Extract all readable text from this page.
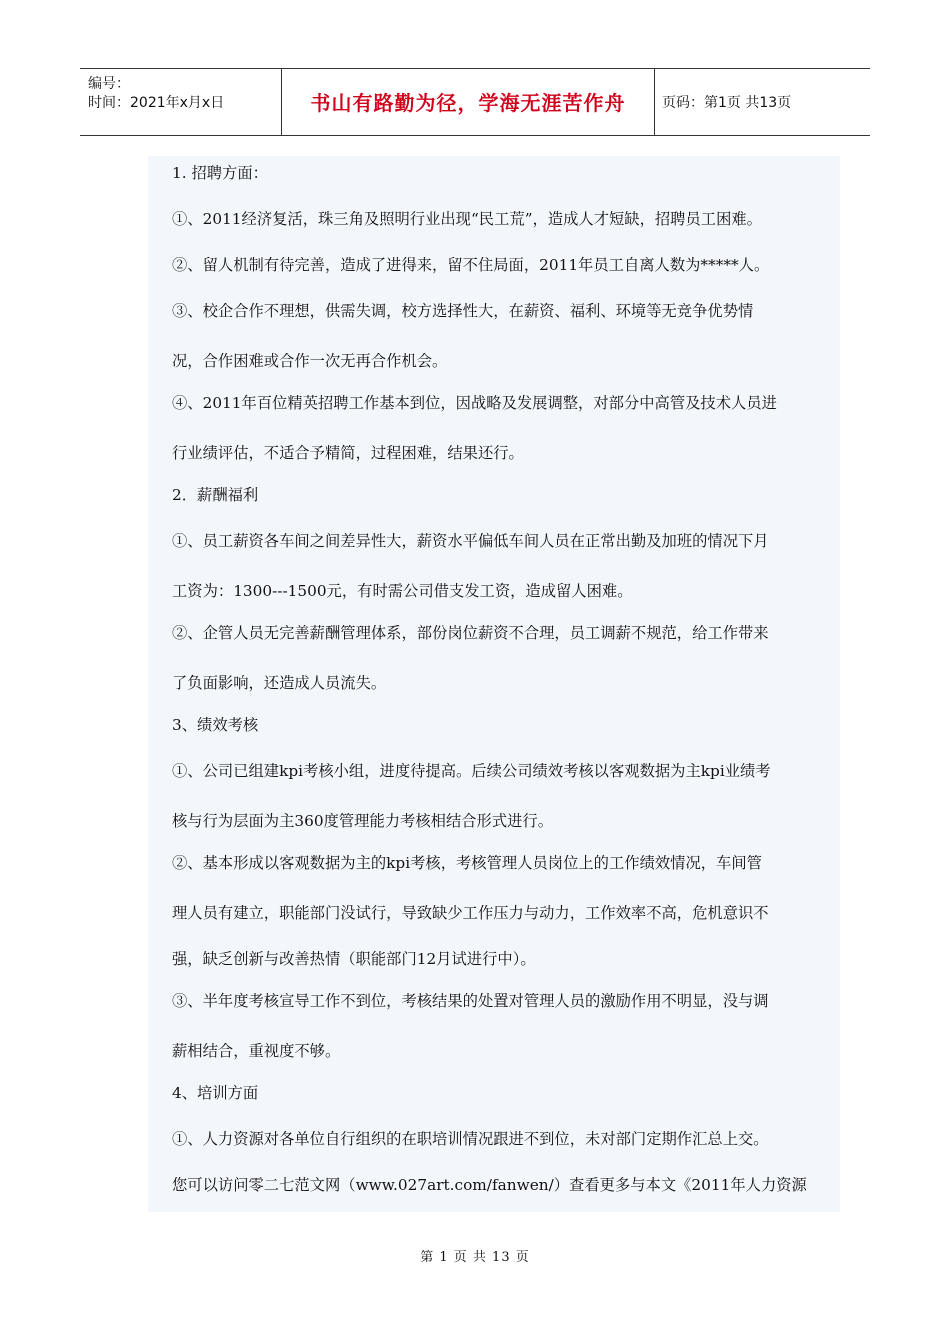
编号：
时间：2021年x月x日	书山有路勤为径，学海无涯苦作舟	页码：第1页 共13页
1. 招聘方面：
①、2011经济复活，珠三角及照明行业出现“民工荒”，造成人才短缺，招聘员工困难。
②、留人机制有待完善，造成了进得来，留不住局面，2011年员工自离人数为*****人。
③、校企合作不理想，供需失调，校方选择性大，在薪资、福利、环境等无竞争优势情
况，合作困难或合作一次无再合作机会。
④、2011年百位精英招聘工作基本到位，因战略及发展调整，对部分中高管及技术人员进
行业绩评估，不适合予精简，过程困难，结果还行。
2．薪酬福利
①、员工薪资各车间之间差异性大，薪资水平偏低车间人员在正常出勤及加班的情况下月
工资为：1300---1500元，有时需公司借支发工资，造成留人困难。
②、企管人员无完善薪酬管理体系，部份岗位薪资不合理，员工调薪不规范，给工作带来
了负面影响，还造成人员流失。
3、绩效考核
①、公司已组建kpi考核小组，进度待提高。后续公司绩效考核以客观数据为主kpi业绩考
核与行为层面为主360度管理能力考核相结合形式进行。
②、基本形成以客观数据为主的kpi考核，考核管理人员岗位上的工作绩效情况，车间管
理人员有建立，职能部门没试行，导致缺少工作压力与动力，工作效率不高，危机意识不
强，缺乏创新与改善热情（职能部门12月试进行中）。
③、半年度考核宣导工作不到位，考核结果的处置对管理人员的激励作用不明显，没与调
薪相结合，重视度不够。
4、培训方面
①、人力资源对各单位自行组织的在职培训情况跟进不到位，未对部门定期作汇总上交。
您可以访问零二七范文网（www.027art.com/fanwen/）查看更多与本文《2011年人力资源
第 1 页 共 13 页
